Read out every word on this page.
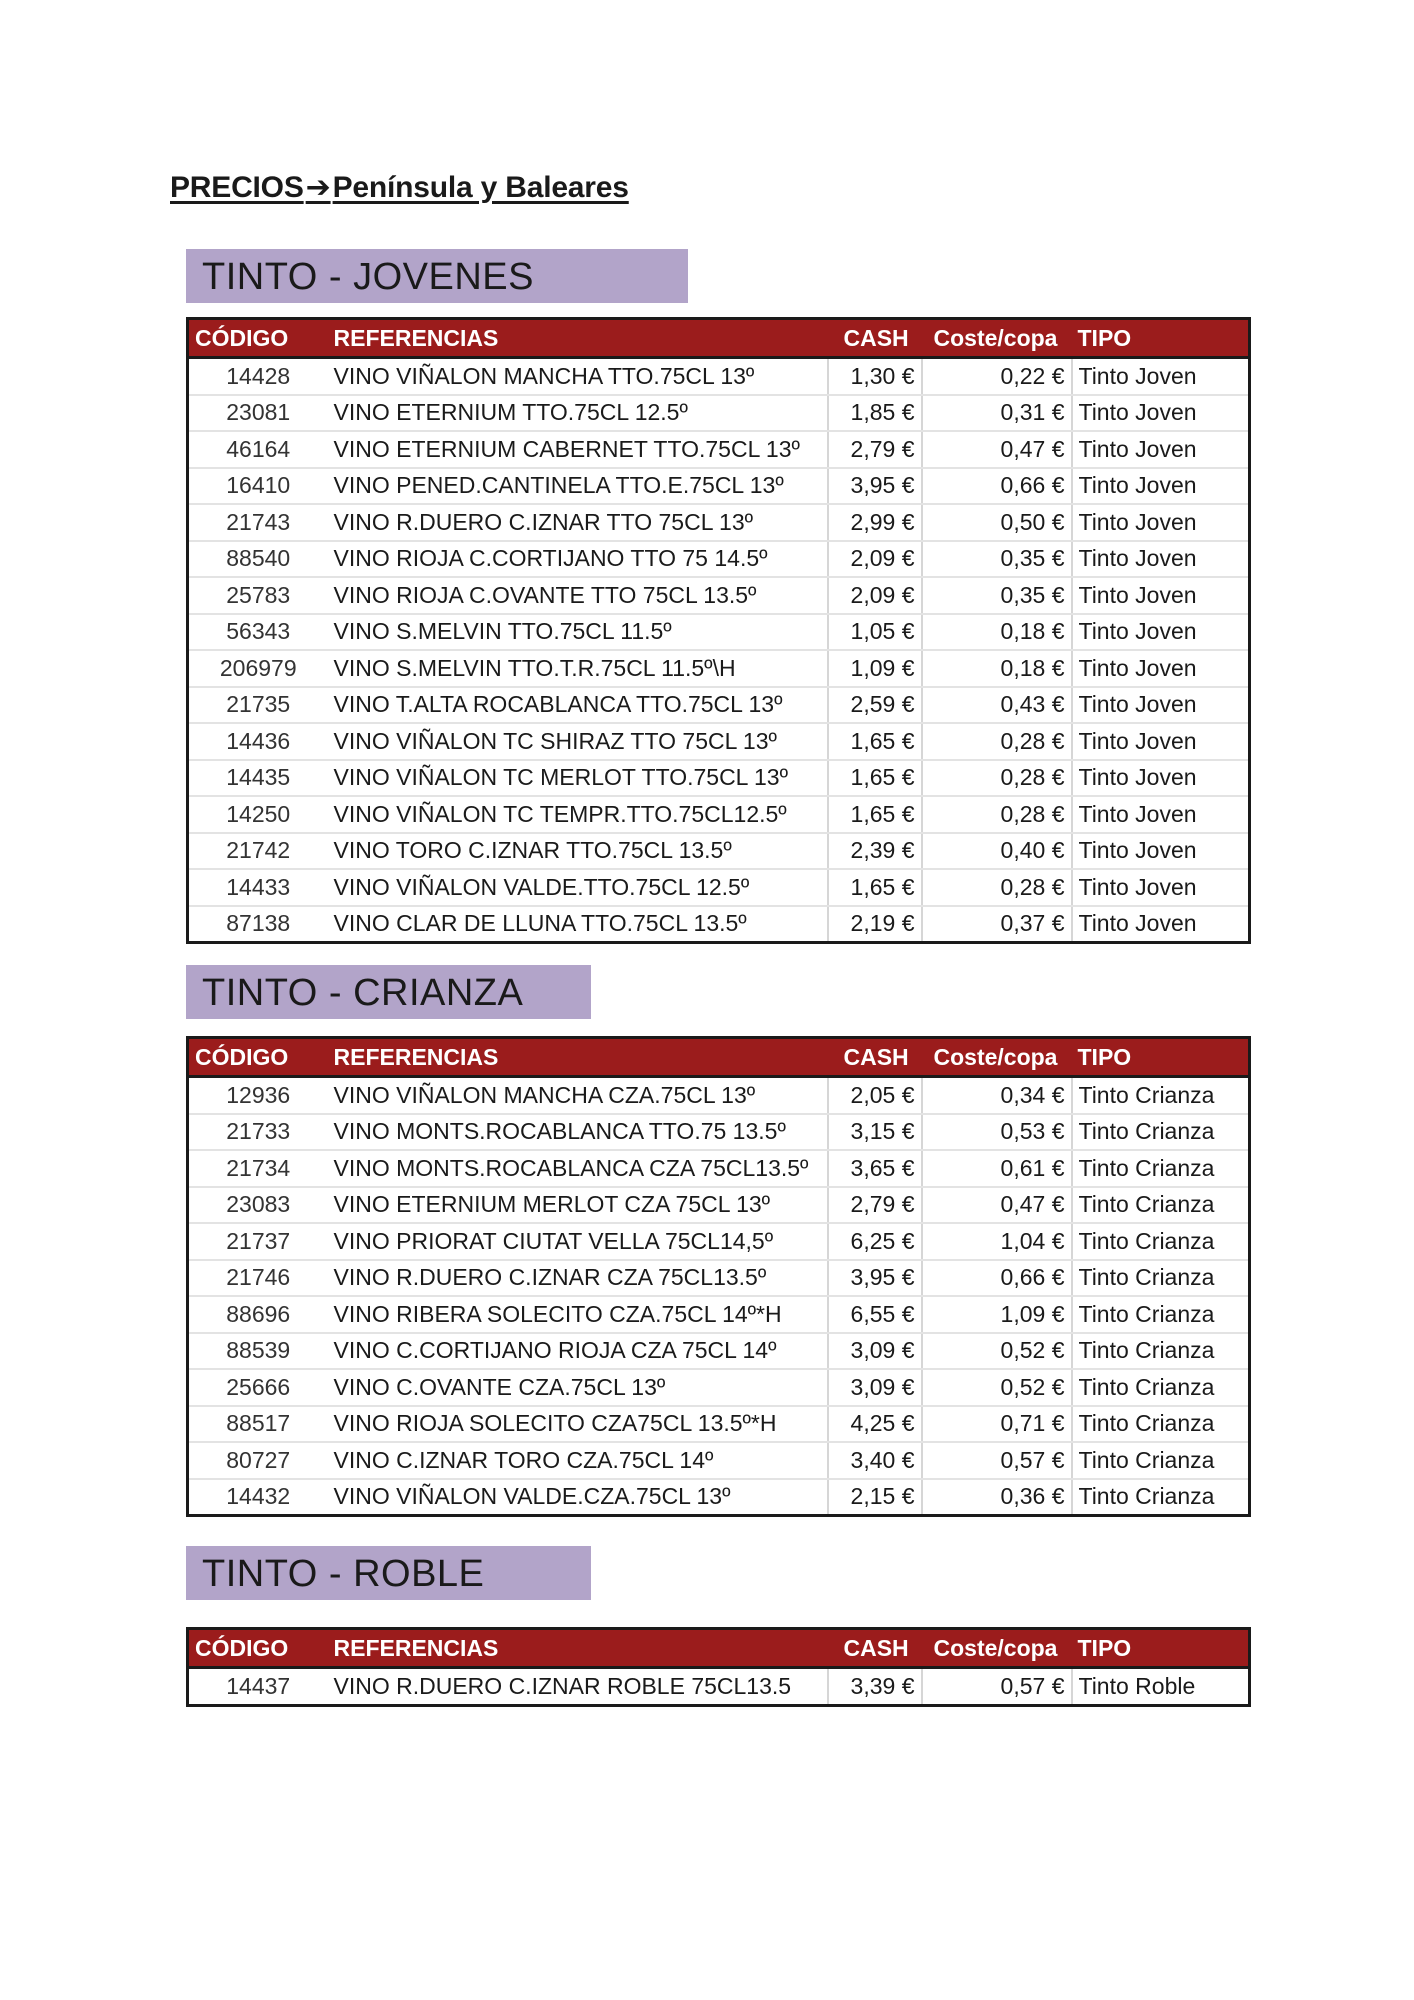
PRECIOS➔Península y Baleares
TINTO - JOVENES
CÓDIGO	REFERENCIAS	CASH	Coste/copa	TIPO
14428	VINO VIÑALON MANCHA TTO.75CL 13º	1,30 €	0,22 €	Tinto Joven
23081	VINO ETERNIUM TTO.75CL 12.5º	1,85 €	0,31 €	Tinto Joven
46164	VINO ETERNIUM CABERNET TTO.75CL 13º	2,79 €	0,47 €	Tinto Joven
16410	VINO PENED.CANTINELA TTO.E.75CL 13º	3,95 €	0,66 €	Tinto Joven
21743	VINO R.DUERO C.IZNAR TTO 75CL 13º	2,99 €	0,50 €	Tinto Joven
88540	VINO RIOJA C.CORTIJANO TTO 75 14.5º	2,09 €	0,35 €	Tinto Joven
25783	VINO RIOJA C.OVANTE TTO 75CL 13.5º	2,09 €	0,35 €	Tinto Joven
56343	VINO S.MELVIN TTO.75CL 11.5º	1,05 €	0,18 €	Tinto Joven
206979	VINO S.MELVIN TTO.T.R.75CL 11.5º\H	1,09 €	0,18 €	Tinto Joven
21735	VINO T.ALTA ROCABLANCA TTO.75CL 13º	2,59 €	0,43 €	Tinto Joven
14436	VINO VIÑALON TC SHIRAZ TTO 75CL 13º	1,65 €	0,28 €	Tinto Joven
14435	VINO VIÑALON TC MERLOT TTO.75CL 13º	1,65 €	0,28 €	Tinto Joven
14250	VINO VIÑALON TC TEMPR.TTO.75CL12.5º	1,65 €	0,28 €	Tinto Joven
21742	VINO TORO C.IZNAR TTO.75CL 13.5º	2,39 €	0,40 €	Tinto Joven
14433	VINO VIÑALON VALDE.TTO.75CL 12.5º	1,65 €	0,28 €	Tinto Joven
87138	VINO CLAR DE LLUNA TTO.75CL 13.5º	2,19 €	0,37 €	Tinto Joven
TINTO - CRIANZA
CÓDIGO	REFERENCIAS	CASH	Coste/copa	TIPO
12936	VINO VIÑALON MANCHA CZA.75CL 13º	2,05 €	0,34 €	Tinto Crianza
21733	VINO MONTS.ROCABLANCA TTO.75 13.5º	3,15 €	0,53 €	Tinto Crianza
21734	VINO MONTS.ROCABLANCA CZA 75CL13.5º	3,65 €	0,61 €	Tinto Crianza
23083	VINO ETERNIUM MERLOT CZA 75CL 13º	2,79 €	0,47 €	Tinto Crianza
21737	VINO PRIORAT CIUTAT VELLA 75CL14,5º	6,25 €	1,04 €	Tinto Crianza
21746	VINO R.DUERO C.IZNAR CZA 75CL13.5º	3,95 €	0,66 €	Tinto Crianza
88696	VINO RIBERA SOLECITO CZA.75CL 14º*H	6,55 €	1,09 €	Tinto Crianza
88539	VINO C.CORTIJANO RIOJA CZA 75CL 14º	3,09 €	0,52 €	Tinto Crianza
25666	VINO C.OVANTE CZA.75CL 13º	3,09 €	0,52 €	Tinto Crianza
88517	VINO RIOJA SOLECITO CZA75CL 13.5º*H	4,25 €	0,71 €	Tinto Crianza
80727	VINO C.IZNAR TORO CZA.75CL 14º	3,40 €	0,57 €	Tinto Crianza
14432	VINO VIÑALON VALDE.CZA.75CL 13º	2,15 €	0,36 €	Tinto Crianza
TINTO - ROBLE
CÓDIGO	REFERENCIAS	CASH	Coste/copa	TIPO
14437	VINO R.DUERO C.IZNAR ROBLE 75CL13.5	3,39 €	0,57 €	Tinto Roble
